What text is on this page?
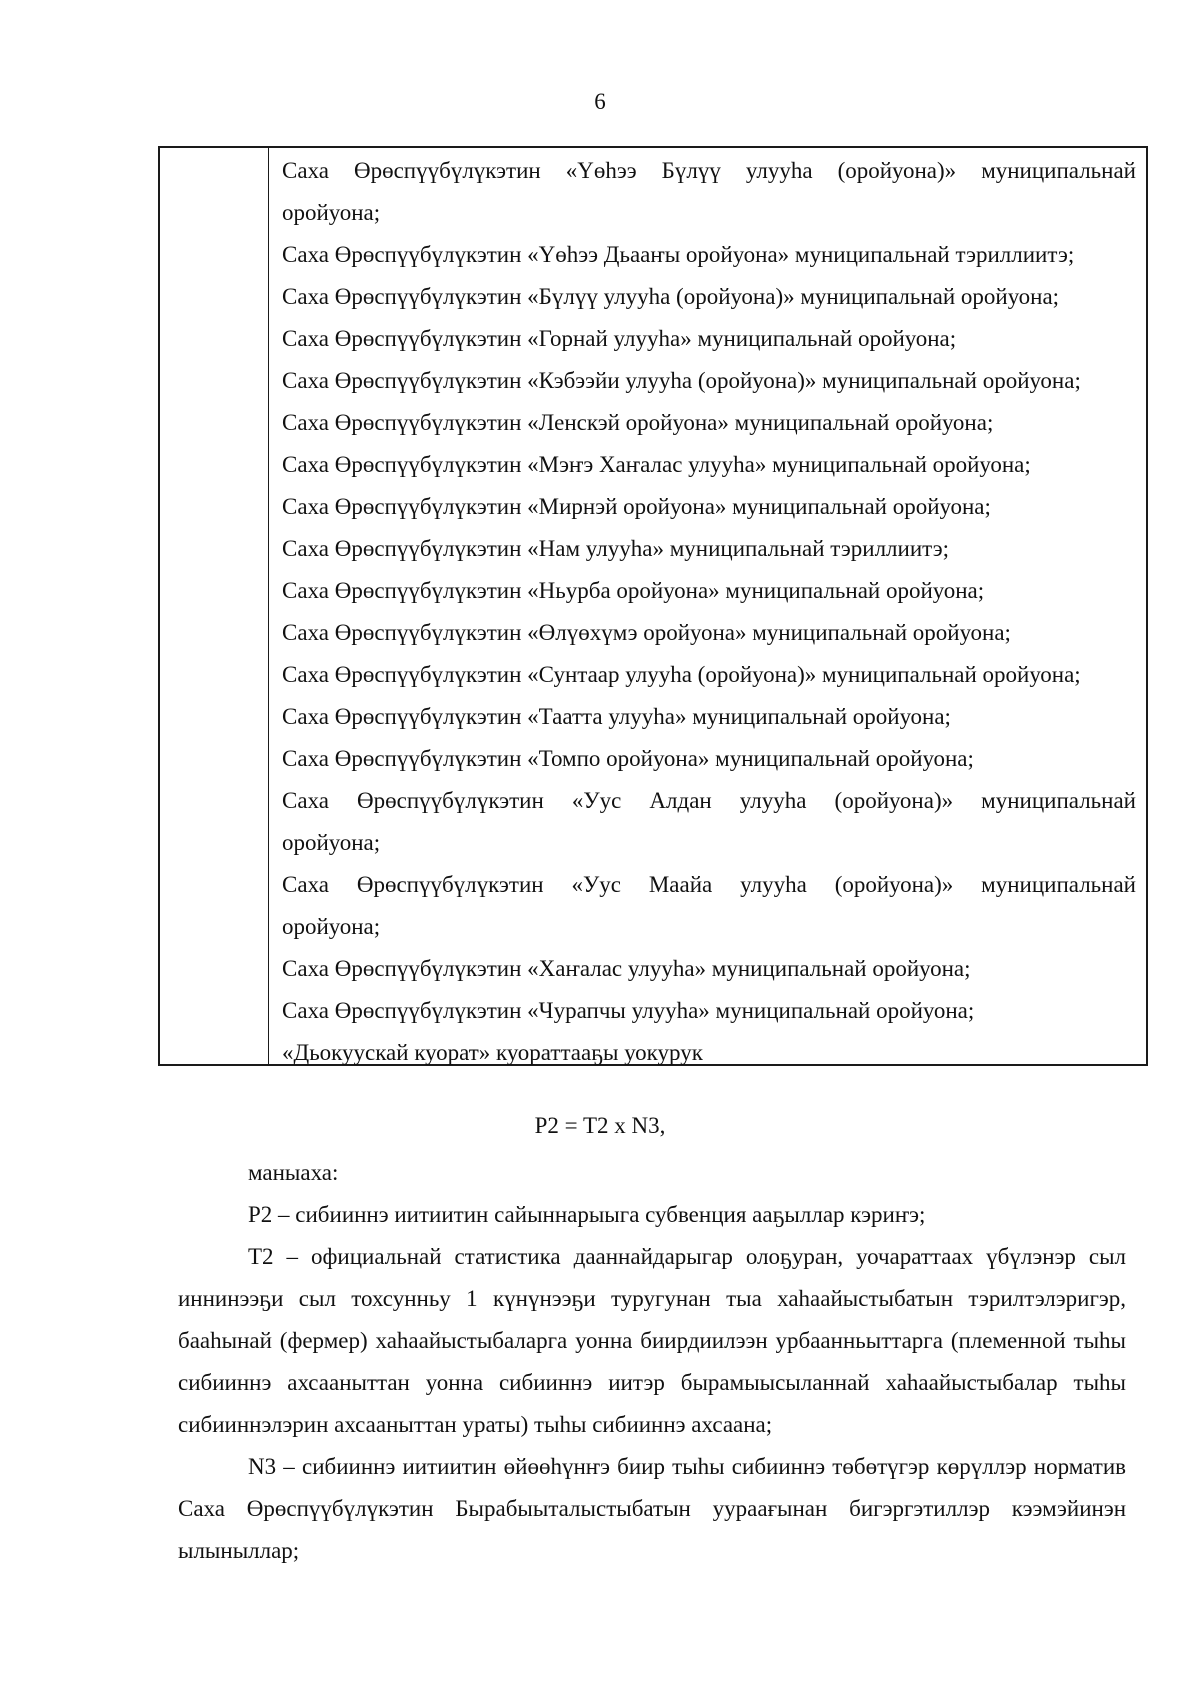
6
Саха Өрөспүүбүлүкэтин «Үөһээ Бүлүү улууһа (оройуона)» муниципальнай
оройуона;
Саха Өрөспүүбүлүкэтин «Үөһээ Дьааҥы оройуона» муниципальнай тэриллиитэ;
Саха Өрөспүүбүлүкэтин «Бүлүү улууһа (оройуона)» муниципальнай оройуона;
Саха Өрөспүүбүлүкэтин «Горнай улууһа» муниципальнай оройуона;
Саха Өрөспүүбүлүкэтин «Кэбээйи улууһа (оройуона)» муниципальнай оройуона;
Саха Өрөспүүбүлүкэтин «Ленскэй оройуона» муниципальнай оройуона;
Саха Өрөспүүбүлүкэтин «Мэҥэ Хаҥалас улууһа» муниципальнай оройуона;
Саха Өрөспүүбүлүкэтин «Мирнэй оройуона» муниципальнай оройуона;
Саха Өрөспүүбүлүкэтин «Нам улууһа» муниципальнай тэриллиитэ;
Саха Өрөспүүбүлүкэтин «Ньурба оройуона» муниципальнай оройуона;
Саха Өрөспүүбүлүкэтин «Өлүөхүмэ оройуона» муниципальнай оройуона;
Саха Өрөспүүбүлүкэтин «Сунтаар улууһа (оройуона)» муниципальнай оройуона;
Саха Өрөспүүбүлүкэтин «Таатта улууһа» муниципальнай оройуона;
Саха Өрөспүүбүлүкэтин «Томпо оройуона» муниципальнай оройуона;
Саха Өрөспүүбүлүкэтин «Уус Алдан улууһа (оройуона)» муниципальнай
оройуона;
Саха Өрөспүүбүлүкэтин «Уус Маайа улууһа (оройуона)» муниципальнай
оройуона;
Саха Өрөспүүбүлүкэтин «Хаҥалас улууһа» муниципальнай оройуона;
Саха Өрөспүүбүлүкэтин «Чурапчы улууһа» муниципальнай оройуона;
«Дьокуускай куорат» куораттааҕы уокурук
P2 = T2 x N3,

маныаха:

P2 – сибииннэ иитиитин сайыннарыыга субвенция ааҕыллар кэриҥэ;

T2 – официальнай статистика дааннайдарыгар олоҕуран, уочараттаах үбүлэнэр сыл иннинээҕи сыл тохсунньу 1 күнүнээҕи туругунан тыа хаһаайыстыбатын тэрилтэлэригэр, бааһынай (фермер) хаһаайыстыбаларга уонна биирдиилээн урбаанньыттарга (племенной тыһы сибииннэ ахсааныттан уонна сибииннэ иитэр бырамыысыланнай хаһаайыстыбалар тыһы сибииннэлэрин ахсааныттан ураты) тыһы сибииннэ ахсаана;

N3 – сибииннэ иитиитин өйөөһүнҥэ биир тыһы сибииннэ төбөтүгэр көрүллэр норматив Саха Өрөспүүбүлүкэтин Бырабыыталыстыбатын уураағынан бигэргэтиллэр кээмэйинэн ылыныллар;
